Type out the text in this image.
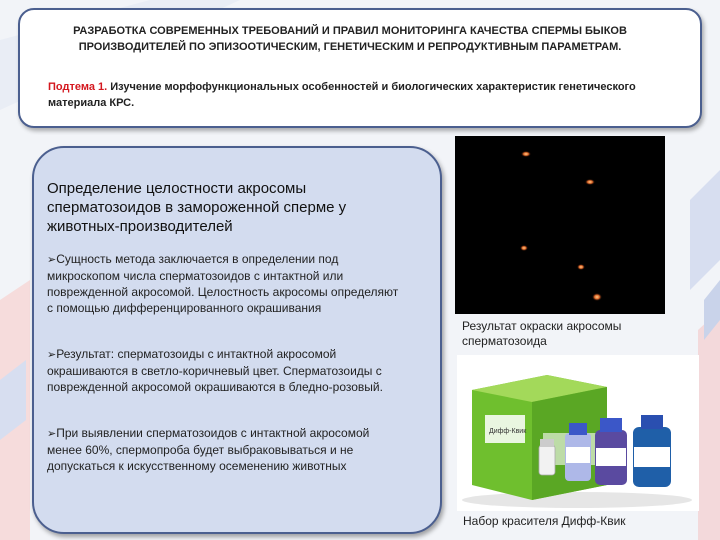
РАЗРАБОТКА СОВРЕМЕННЫХ ТРЕБОВАНИЙ И ПРАВИЛ МОНИТОРИНГА КАЧЕСТВА СПЕРМЫ БЫКОВ ПРОИЗВОДИТЕЛЕЙ ПО ЭПИЗООТИЧЕСКИМ, ГЕНЕТИЧЕСКИМ И РЕПРОДУКТИВНЫМ ПАРАМЕТРАМ.
Подтема 1. Изучение морфофункциональных особенностей и биологических характеристик генетического материала КРС.
Определение целостности акросомы сперматозоидов в замороженной сперме у животных-производителей
➢Сущность метода заключается в определении под микроскопом числа сперматозоидов с интактной или поврежденной акросомой. Целостность акросомы определяют с помощью дифференцированного окрашивания
➢Результат: сперматозоиды с интактной акросомой окрашиваются в светло-коричневый цвет. Сперматозоиды с поврежденной акросомой окрашиваются в бледно-розовый.
➢При выявлении сперматозоидов с интактной акросомой менее 60%, спермопроба будет выбраковываться и не допускаться к искусственному осеменению животных
Результат окраски акросомы сперматозоида
Дифф-Квик
Набор красителя Дифф-Квик
